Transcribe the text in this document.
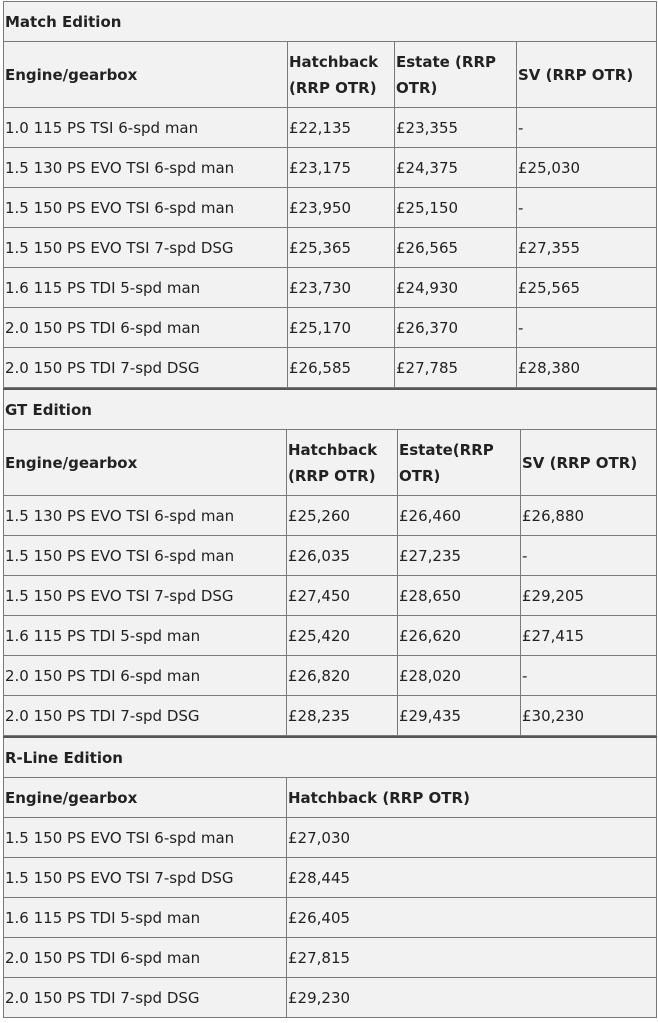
Match Edition			
Engine/gearbox	Hatchback (RRP OTR)	Estate (RRP OTR)	SV (RRP OTR)
1.0 115 PS TSI 6-spd man	£22,135	£23,355	-
1.5 130 PS EVO TSI 6-spd man	£23,175	£24,375	£25,030
1.5 150 PS EVO TSI 6-spd man	£23,950	£25,150	-
1.5 150 PS EVO TSI 7-spd DSG	£25,365	£26,565	£27,355
1.6 115 PS TDI 5-spd man	£23,730	£24,930	£25,565
2.0 150 PS TDI 6-spd man	£25,170	£26,370	-
2.0 150 PS TDI 7-spd DSG	£26,585	£27,785	£28,380
GT Edition			
Engine/gearbox	Hatchback (RRP OTR)	Estate(RRP OTR)	SV (RRP OTR)
1.5 130 PS EVO TSI 6-spd man	£25,260	£26,460	£26,880
1.5 150 PS EVO TSI 6-spd man	£26,035	£27,235	-
1.5 150 PS EVO TSI 7-spd DSG	£27,450	£28,650	£29,205
1.6 115 PS TDI 5-spd man	£25,420	£26,620	£27,415
2.0 150 PS TDI 6-spd man	£26,820	£28,020	-
2.0 150 PS TDI 7-spd DSG	£28,235	£29,435	£30,230
R-Line Edition	
Engine/gearbox	Hatchback (RRP OTR)
1.5 150 PS EVO TSI 6-spd man	£27,030
1.5 150 PS EVO TSI 7-spd DSG	£28,445
1.6 115 PS TDI 5-spd man	£26,405
2.0 150 PS TDI 6-spd man	£27,815
2.0 150 PS TDI 7-spd DSG	£29,230
